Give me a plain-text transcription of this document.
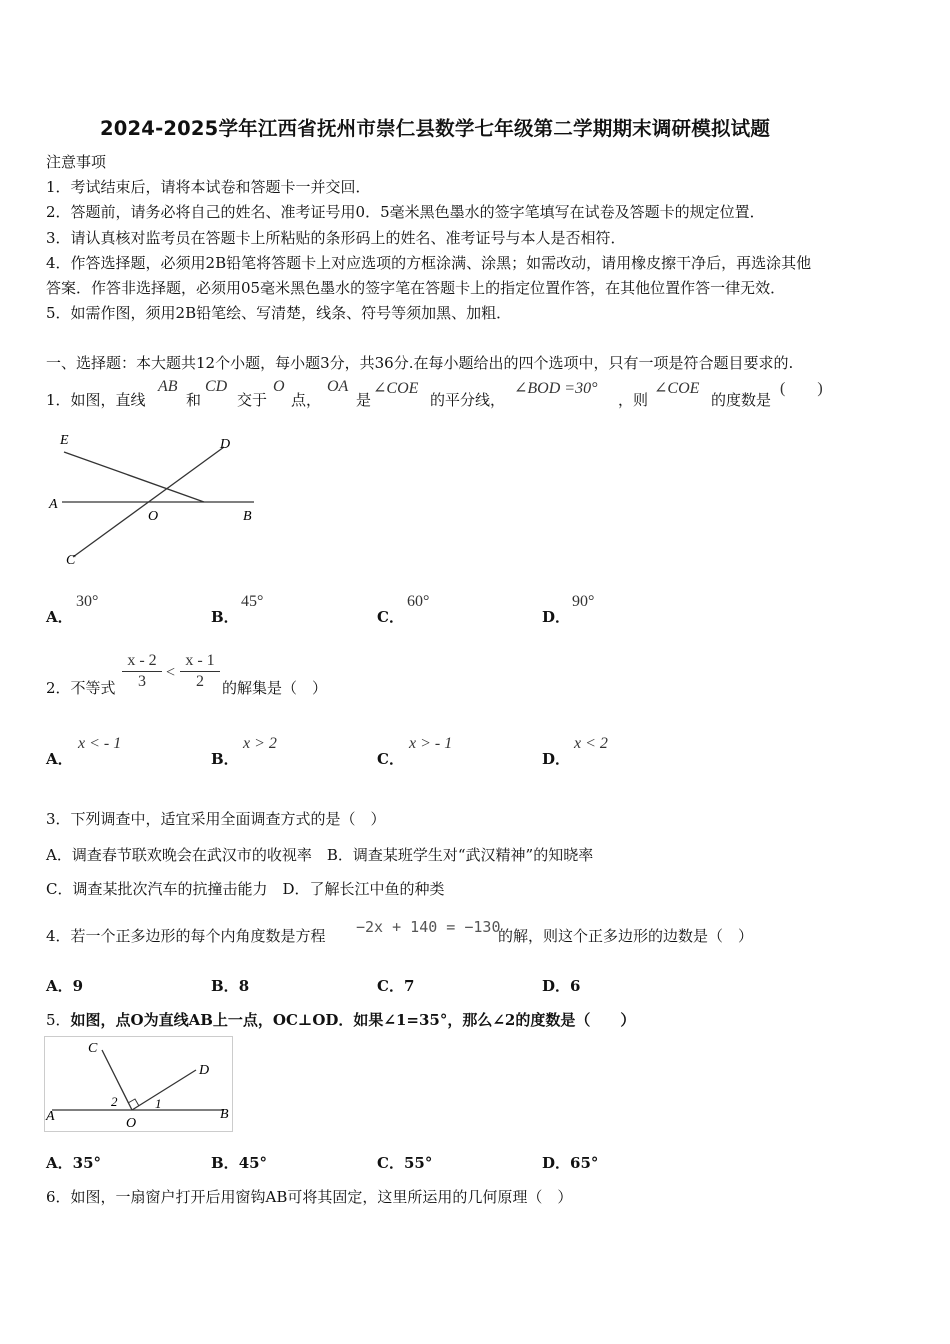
2024-2025学年江西省抚州市崇仁县数学七年级第二学期期末调研模拟试题
注意事项
1．考试结束后，请将本试卷和答题卡一并交回．
2．答题前，请务必将自己的姓名、准考证号用0．5毫米黑色墨水的签字笔填写在试卷及答题卡的规定位置．
3．请认真核对监考员在答题卡上所粘贴的条形码上的姓名、准考证号与本人是否相符．
4．作答选择题，必须用2B铅笔将答题卡上对应选项的方框涂满、涂黑；如需改动，请用橡皮擦干净后，再选涂其他
答案．作答非选择题，必须用05毫米黑色墨水的签字笔在答题卡上的指定位置作答，在其他位置作答一律无效．
5．如需作图，须用2B铅笔绘、写清楚，线条、符号等须加黑、加粗．
一、选择题：本大题共12个小题，每小题3分，共36分.在每小题给出的四个选项中，只有一项是符合题目要求的.
1．如图，直线
AB
和
CD
交于
O
点，
OA
是
∠COE
的平分线，
∠BOD =30°
，则
∠COE
的度数是
(　　)
E	D
A
O	B
C
A．
30°
B．
45°
C．
60°
D．
90°
2．不等式
x - 2
3
<
x - 1
2	的解集是（　）
A．
x < - 1
B．
x > 2
C．
x > - 1
D．
x < 2
3．下列调查中，适宜采用全面调查方式的是（　）
A．调查春节联欢晚会在武汉市的收视率　B．调查某班学生对“武汉精神”的知晓率
C．调查某批次汽车的抗撞击能力　D．了解长江中鱼的种类
4．若一个正多边形的每个内角度数是方程 −2x + 140 = −130
的解，则这个正多边形的边数是（　）
A．9	B．8	C．7	D．6
5．如图，点O为直线AB上一点，OC⊥OD．如果∠1=35°，那么∠2的度数是（　　）
C
D
A	O
B
1
2
A．35°	B．45°	C．55°	D．65°
6．如图，一扇窗户打开后用窗钩AB可将其固定，这里所运用的几何原理（　）
